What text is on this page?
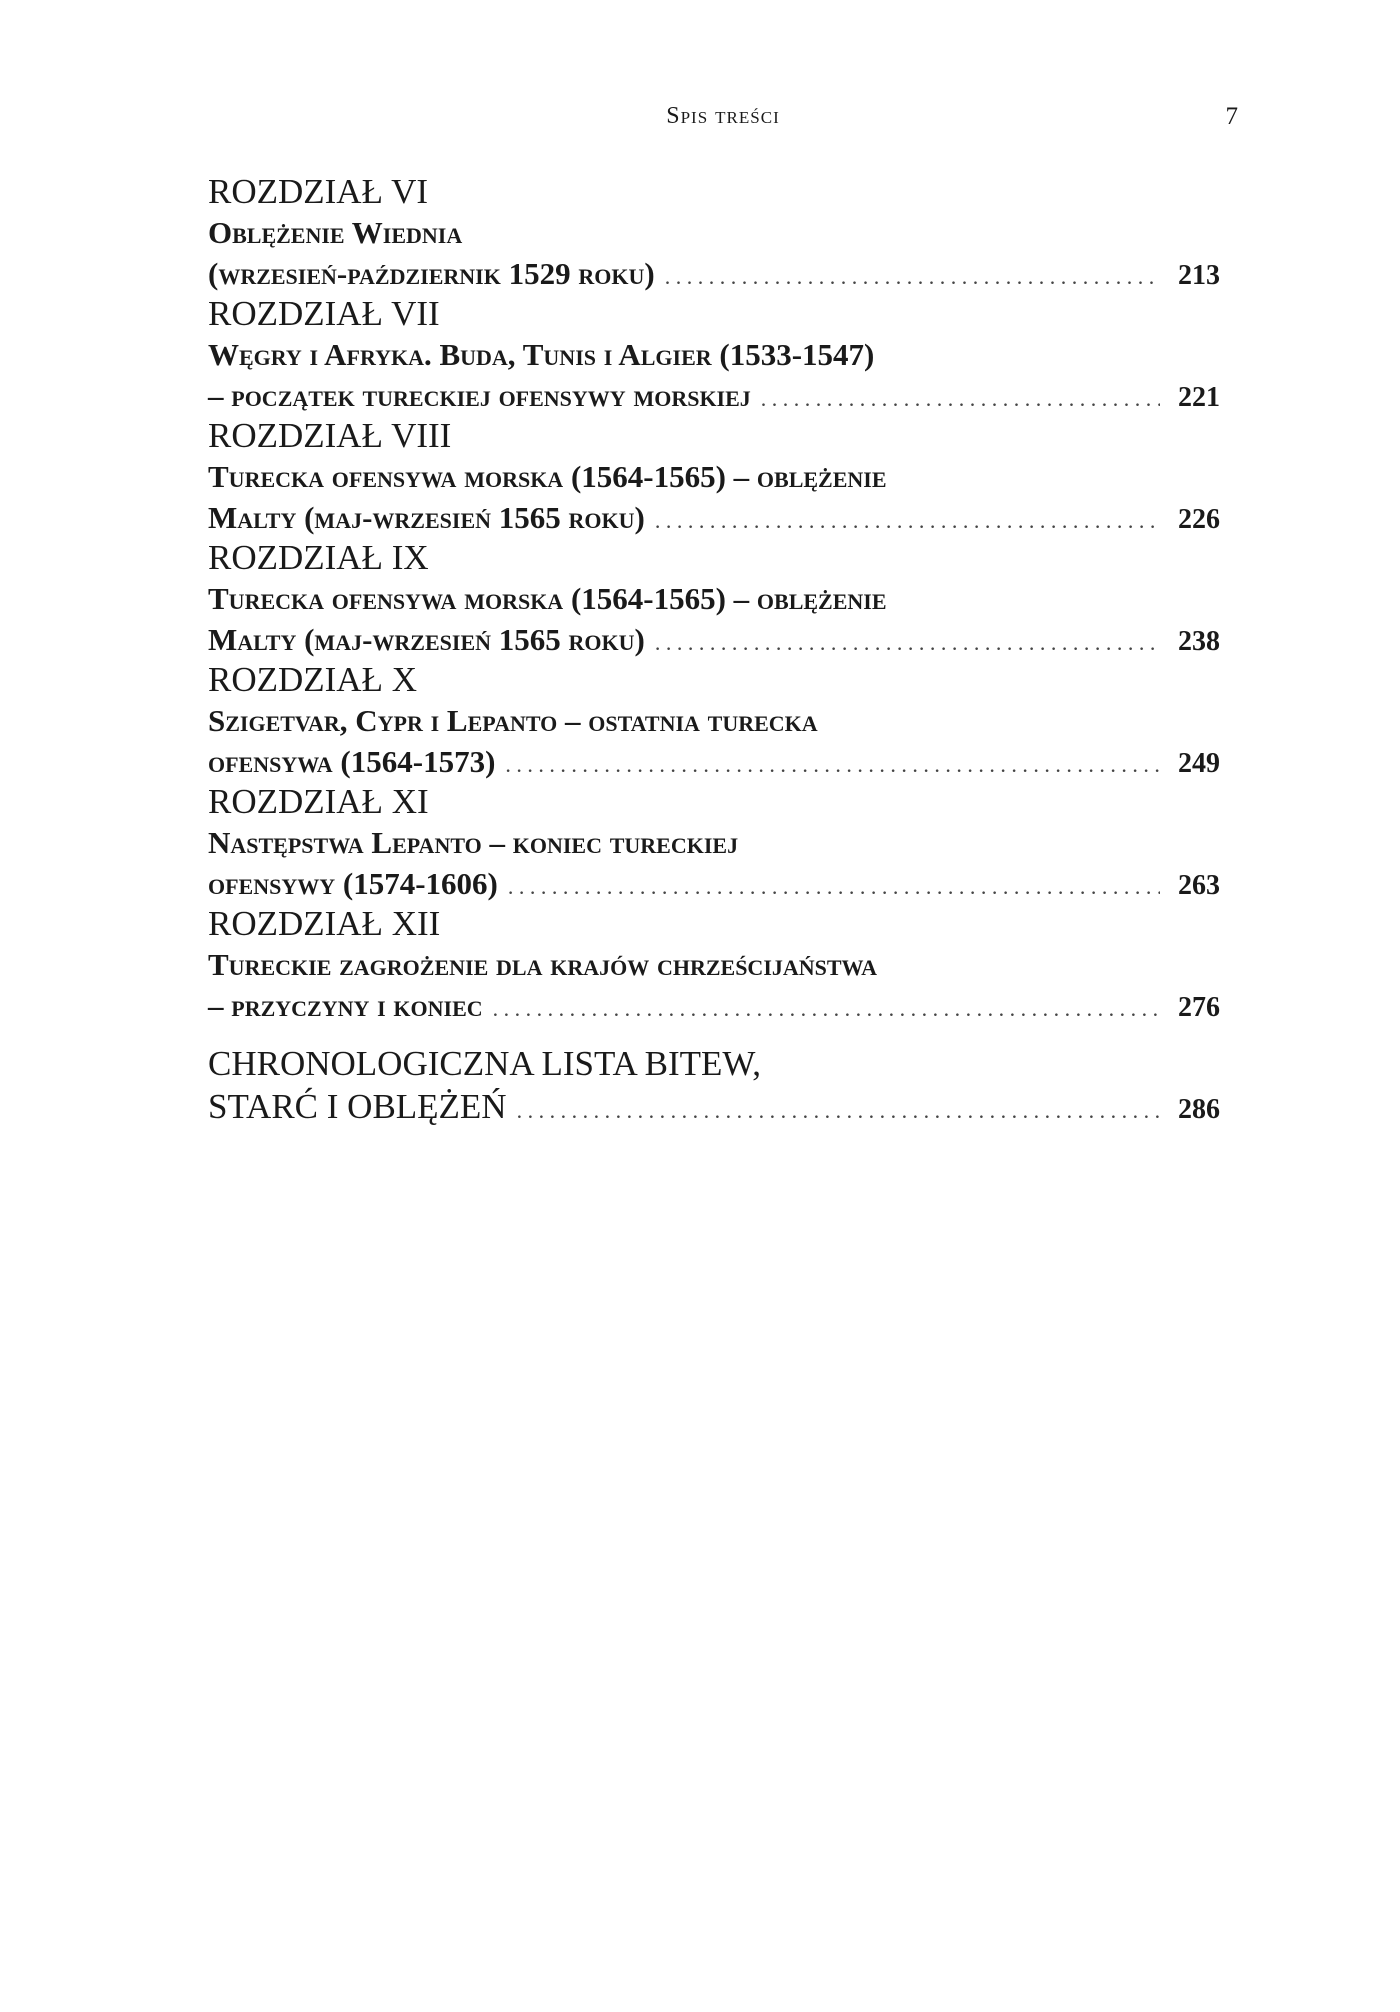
Spis treści	7
ROZDZIAŁ VI
Oblężenie Wiednia
(wrzesień-październik 1529 roku) . . .	213
ROZDZIAŁ VII
Węgry i Afryka. Buda, Tunis i Algier (1533-1547)
– początek tureckiej ofensywy morskiej . . .	221
ROZDZIAŁ VIII
Turecka ofensywa morska (1564-1565) – oblężenie
Malty (maj-wrzesień 1565 roku) . . .	226
ROZDZIAŁ IX
Turecka ofensywa morska (1564-1565) – oblężenie
Malty (maj-wrzesień 1565 roku) . . .	238
ROZDZIAŁ X
Szigetvar, Cypr i Lepanto – ostatnia turecka
ofensywa (1564-1573) . . .	249
ROZDZIAŁ XI
Następstwa Lepanto – koniec tureckiej
ofensywy (1574-1606) . . .	263
ROZDZIAŁ XII
Tureckie zagrożenie dla krajów chrześcijaństwa
– przyczyny i koniec . . .	276
CHRONOLOGICZNA LISTA BITEW,
STARĆ I OBLĘŻEŃ . . .	286
